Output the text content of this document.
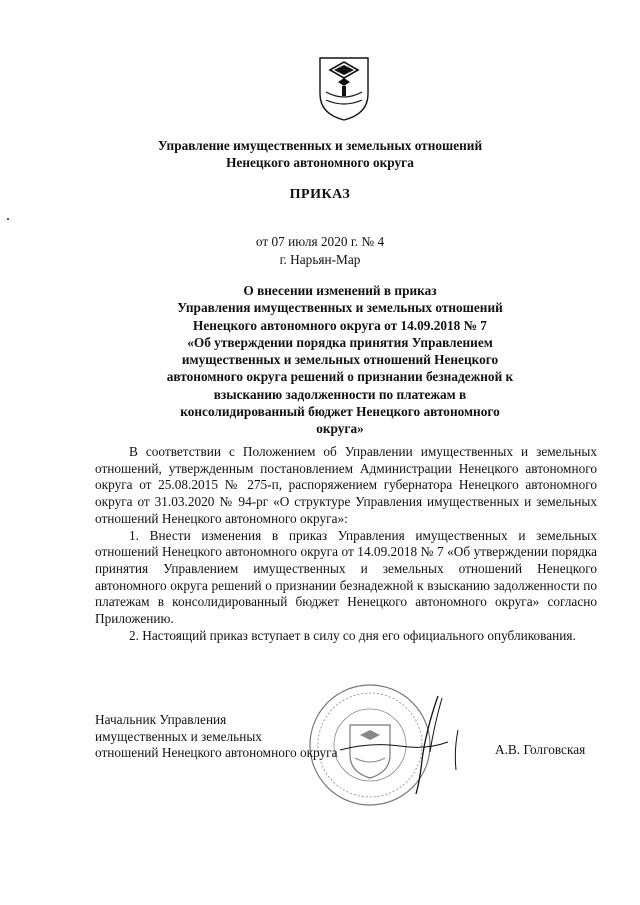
Управление имущественных и земельных отношений
Ненецкого автономного округа
ПРИКАЗ
от 07 июля 2020 г. № 4
г. Нарьян-Мар
О внесении изменений в приказ
Управления имущественных и земельных отношений
Ненецкого автономного округа от 14.09.2018 № 7
«Об утверждении порядка принятия Управлением
имущественных и земельных отношений Ненецкого
автономного округа решений о признании безнадежной к
взысканию задолженности по платежам в
консолидированный бюджет Ненецкого автономного
округа»

В соответствии с Положением об Управлении имущественных и земельных отношений, утвержденным постановлением Администрации Ненецкого автономного округа от 25.08.2015 № 275-п, распоряжением губернатора Ненецкого автономного округа от 31.03.2020 № 94-рг «О структуре Управления имущественных и земельных отношений Ненецкого автономного округа»:

1. Внести изменения в приказ Управления имущественных и земельных отношений Ненецкого автономного округа от 14.09.2018 № 7 «Об утверждении порядка принятия Управлением имущественных и земельных отношений Ненецкого автономного округа решений о признании безнадежной к взысканию задолженности по платежам в консолидированный бюджет Ненецкого автономного округа» согласно Приложению.

2. Настоящий приказ вступает в силу со дня его официального опубликования.

Начальник Управления
имущественных и земельных
отношений Ненецкого автономного округа	А.В. Голговская
